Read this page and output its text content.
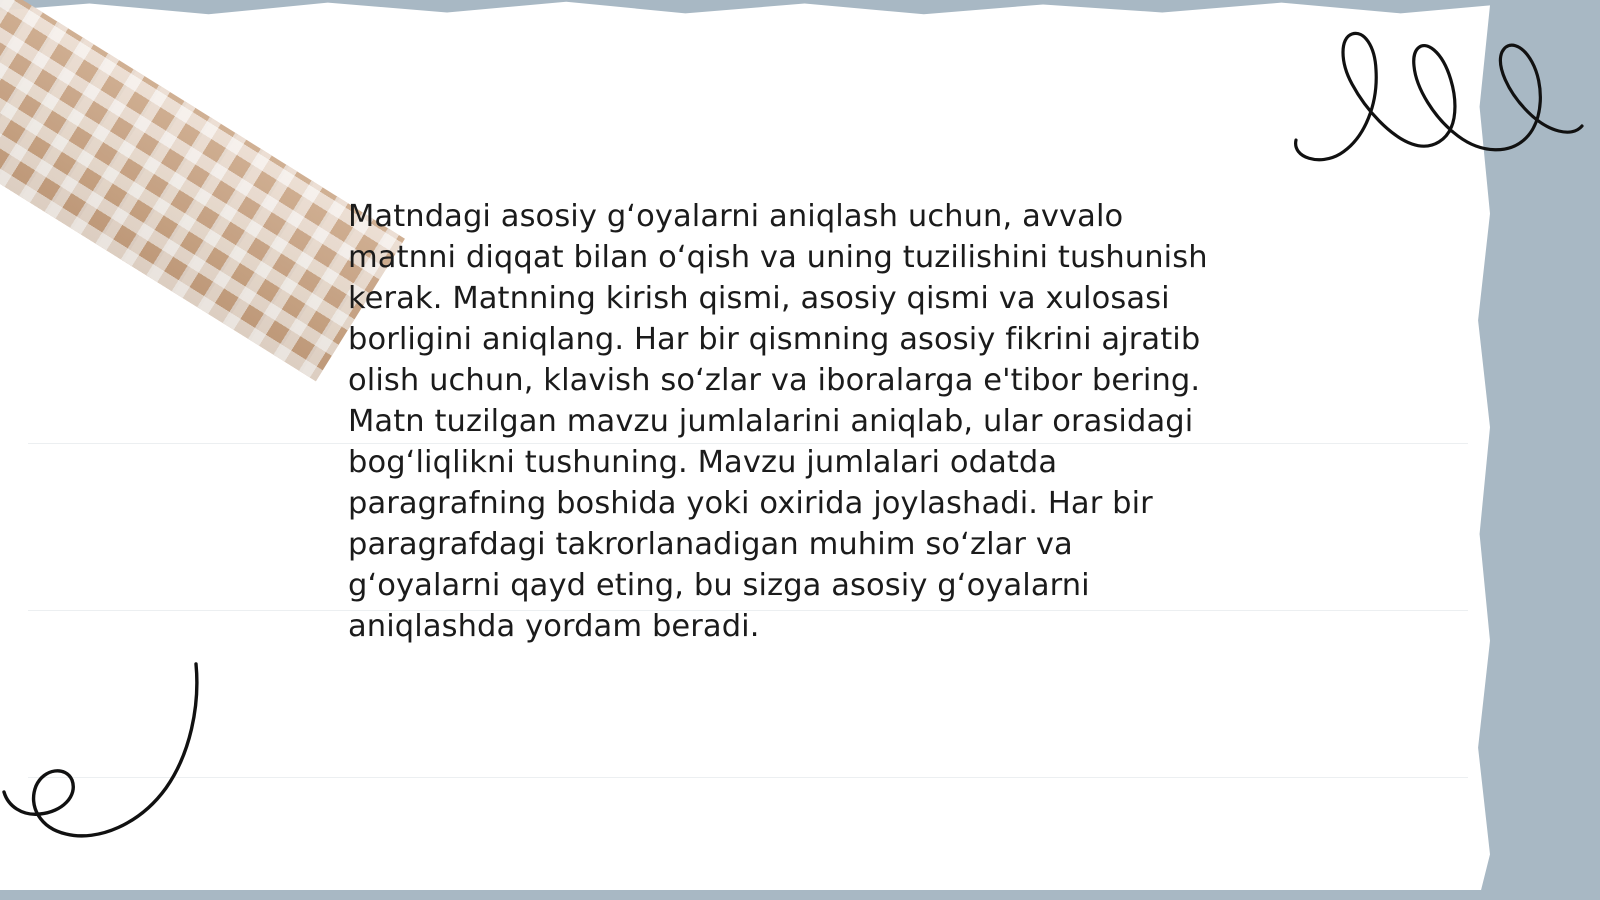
Matndagi asosiy g‘oyalarni aniqlash uchun, avvalo matnni diqqat bilan o‘qish va uning tuzilishini tushunish kerak. Matnning kirish qismi, asosiy qismi va xulosasi borligini aniqlang. Har bir qismning asosiy fikrini ajratib olish uchun, klavish so‘zlar va iboralarga e'tibor bering. Matn tuzilgan mavzu jumlalarini aniqlab, ular orasidagi bog‘liqlikni tushuning. Mavzu jumlalari odatda paragrafning boshida yoki oxirida joylashadi. Har bir paragrafdagi takrorlanadigan muhim so‘zlar va g‘oyalarni qayd eting, bu sizga asosiy g‘oyalarni aniqlashda yordam beradi.
